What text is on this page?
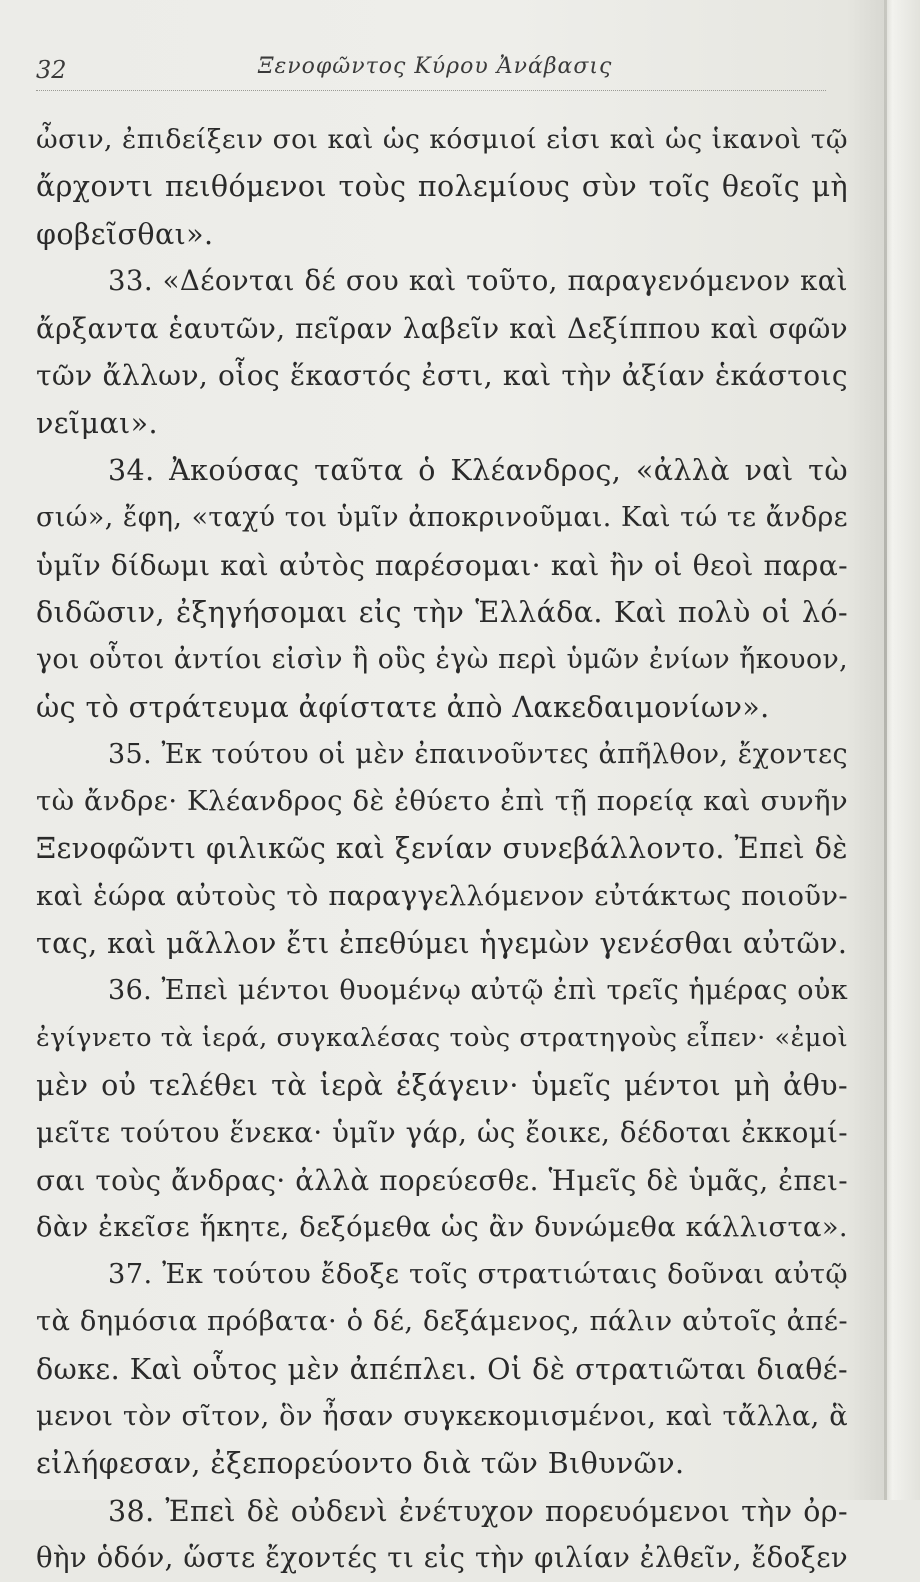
32	Ξενοφῶντος Κύρου Ἀνάβασις
ὦσιν, ἐπιδείξειν σοι καὶ ὡς κόσμιοί εἰσι καὶ ὡς ἱκανοὶ τῷ
ἄρχοντι πειθόμενοι τοὺς πολεμίους σὺν τοῖς θεοῖς μὴ
φοβεῖσθαι».
33. «Δέονται δέ σου καὶ τοῦτο, παραγενόμενον καὶ
ἄρξαντα ἑαυτῶν, πεῖραν λαβεῖν καὶ Δεξίππου καὶ σφῶν
τῶν ἄλλων, οἷος ἕκαστός ἐστι, καὶ τὴν ἀξίαν ἑκάστοις
νεῖμαι».
34. Ἀκούσας ταῦτα ὁ Κλέανδρος, «ἀλλὰ ναὶ τὼ
σιώ», ἔφη, «ταχύ τοι ὑμῖν ἀποκρινοῦμαι. Καὶ τώ τε ἄνδρε
ὑμῖν δίδωμι καὶ αὐτὸς παρέσομαι· καὶ ἢν οἱ θεοὶ παρα-
διδῶσιν, ἐξηγήσομαι εἰς τὴν Ἑλλάδα. Καὶ πολὺ οἱ λό-
γοι οὗτοι ἀντίοι εἰσὶν ἢ οὓς ἐγὼ περὶ ὑμῶν ἐνίων ἤκουον,
ὡς τὸ στράτευμα ἀφίστατε ἀπὸ Λακεδαιμονίων».
35. Ἐκ τούτου οἱ μὲν ἐπαινοῦντες ἀπῆλθον, ἔχοντες
τὼ ἄνδρε· Κλέανδρος δὲ ἐθύετο ἐπὶ τῇ πορείᾳ καὶ συνῆν
Ξενοφῶντι φιλικῶς καὶ ξενίαν συνεβάλλοντο. Ἐπεὶ δὲ
καὶ ἑώρα αὐτοὺς τὸ παραγγελλόμενον εὐτάκτως ποιοῦν-
τας, καὶ μᾶλλον ἔτι ἐπεθύμει ἡγεμὼν γενέσθαι αὐτῶν.
36. Ἐπεὶ μέντοι θυομένῳ αὐτῷ ἐπὶ τρεῖς ἡμέρας οὐκ
ἐγίγνετο τὰ ἱερά, συγκαλέσας τοὺς στρατηγοὺς εἶπεν· «ἐμοὶ
μὲν οὐ τελέθει τὰ ἱερὰ ἐξάγειν· ὑμεῖς μέντοι μὴ ἀθυ-
μεῖτε τούτου ἕνεκα· ὑμῖν γάρ, ὡς ἔοικε, δέδοται ἐκκομί-
σαι τοὺς ἄνδρας· ἀλλὰ πορεύεσθε. Ἡμεῖς δὲ ὑμᾶς, ἐπει-
δὰν ἐκεῖσε ἥκητε, δεξόμεθα ὡς ἂν δυνώμεθα κάλλιστα».
37. Ἐκ τούτου ἔδοξε τοῖς στρατιώταις δοῦναι αὐτῷ
τὰ δημόσια πρόβατα· ὁ δέ, δεξάμενος, πάλιν αὐτοῖς ἀπέ-
δωκε. Καὶ οὗτος μὲν ἀπέπλει. Οἱ δὲ στρατιῶται διαθέ-
μενοι τὸν σῖτον, ὃν ἦσαν συγκεκομισμένοι, καὶ τἄλλα, ἃ
εἰλήφεσαν, ἐξεπορεύοντο διὰ τῶν Βιθυνῶν.
38. Ἐπεὶ δὲ οὐδενὶ ἐνέτυχον πορευόμενοι τὴν ὀρ-
θὴν ὁδόν, ὥστε ἔχοντές τι εἰς τὴν φιλίαν ἐλθεῖν, ἔδοξεν
